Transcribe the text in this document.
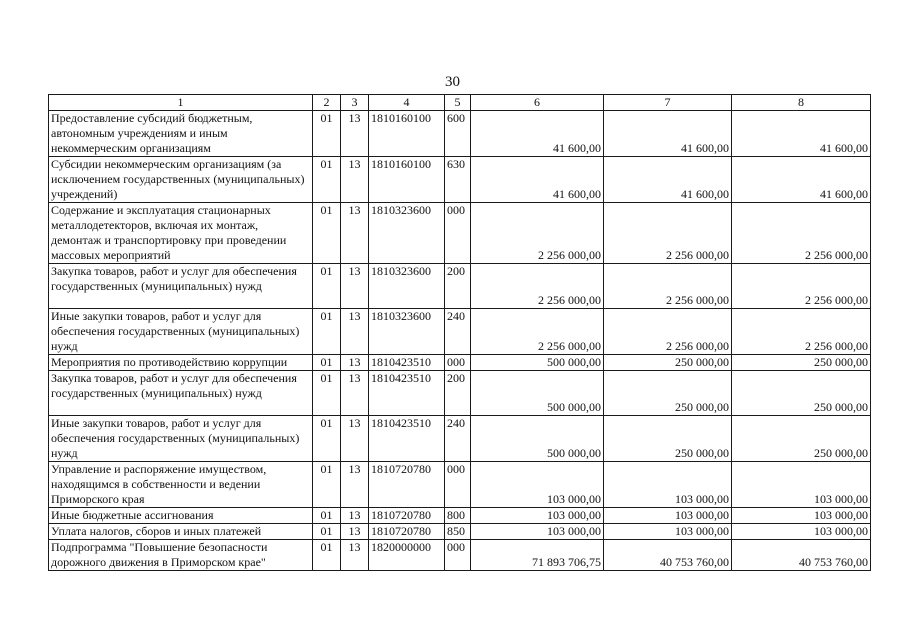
30
1	2	3	4	5	6	7	8
Предоставление субсидий бюджетным, автономным учреждениям и иным некоммерческим организациям	01	13	1810160100	600	41 600,00	41 600,00	41 600,00
Субсидии некоммерческим организациям (за исключением государственных (муниципальных) учреждений)	01	13	1810160100	630	41 600,00	41 600,00	41 600,00
Содержание и эксплуатация стационарных металлодетекторов, включая их монтаж, демонтаж и транспортировку при проведении массовых мероприятий	01	13	1810323600	000	2 256 000,00	2 256 000,00	2 256 000,00
Закупка товаров, работ и услуг для обеспечения государственных (муниципальных) нужд	01	13	1810323600	200	2 256 000,00	2 256 000,00	2 256 000,00
Иные закупки товаров, работ и услуг для обеспечения государственных (муниципальных) нужд	01	13	1810323600	240	2 256 000,00	2 256 000,00	2 256 000,00
Мероприятия по противодействию коррупции	01	13	1810423510	000	500 000,00	250 000,00	250 000,00
Закупка товаров, работ и услуг для обеспечения государственных (муниципальных) нужд	01	13	1810423510	200	500 000,00	250 000,00	250 000,00
Иные закупки товаров, работ и услуг для обеспечения государственных (муниципальных) нужд	01	13	1810423510	240	500 000,00	250 000,00	250 000,00
Управление и распоряжение имуществом, находящимся в собственности и ведении Приморского края	01	13	1810720780	000	103 000,00	103 000,00	103 000,00
Иные бюджетные ассигнования	01	13	1810720780	800	103 000,00	103 000,00	103 000,00
Уплата налогов, сборов и иных платежей	01	13	1810720780	850	103 000,00	103 000,00	103 000,00
Подпрограмма "Повышение безопасности дорожного движения в Приморском крае"	01	13	1820000000	000	71 893 706,75	40 753 760,00	40 753 760,00
